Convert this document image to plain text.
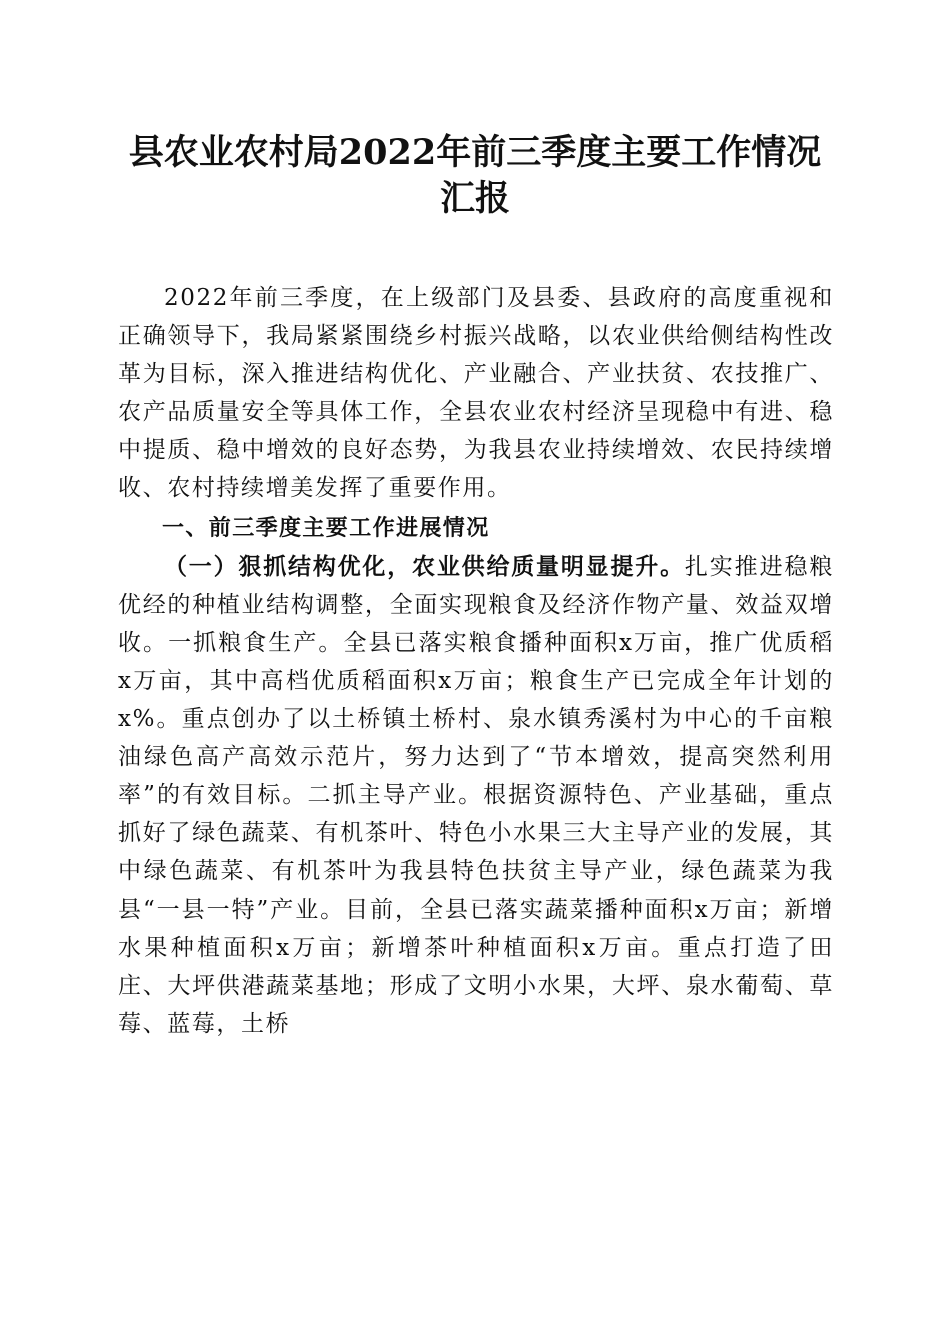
县农业农村局2022年前三季度主要工作情况
汇报

2022年前三季度，在上级部门及县委、县政府的高度重视和正确领导下，我局紧紧围绕乡村振兴战略，以农业供给侧结构性改革为目标，深入推进结构优化、产业融合、产业扶贫、农技推广、农产品质量安全等具体工作，全县农业农村经济呈现稳中有进、稳中提质、稳中增效的良好态势，为我县农业持续增效、农民持续增收、农村持续增美发挥了重要作用。

一、前三季度主要工作进展情况

（一）狠抓结构优化，农业供给质量明显提升。扎实推进稳粮优经的种植业结构调整，全面实现粮食及经济作物产量、效益双增收。一抓粮食生产。全县已落实粮食播种面积x万亩，推广优质稻x万亩，其中高档优质稻面积x万亩；粮食生产已完成全年计划的x%。重点创办了以土桥镇土桥村、泉水镇秀溪村为中心的千亩粮油绿色高产高效示范片，努力达到了“节本增效，提高突然利用率”的有效目标。二抓主导产业。根据资源特色、产业基础，重点抓好了绿色蔬菜、有机茶叶、特色小水果三大主导产业的发展，其中绿色蔬菜、有机茶叶为我县特色扶贫主导产业，绿色蔬菜为我县“一县一特”产业。目前，全县已落实蔬菜播种面积x万亩；新增水果种植面积x万亩；新增茶叶种植面积x万亩。重点打造了田庄、大坪供港蔬菜基地；形成了文明小水果，大坪、泉水葡萄、草莓、蓝莓，土桥
